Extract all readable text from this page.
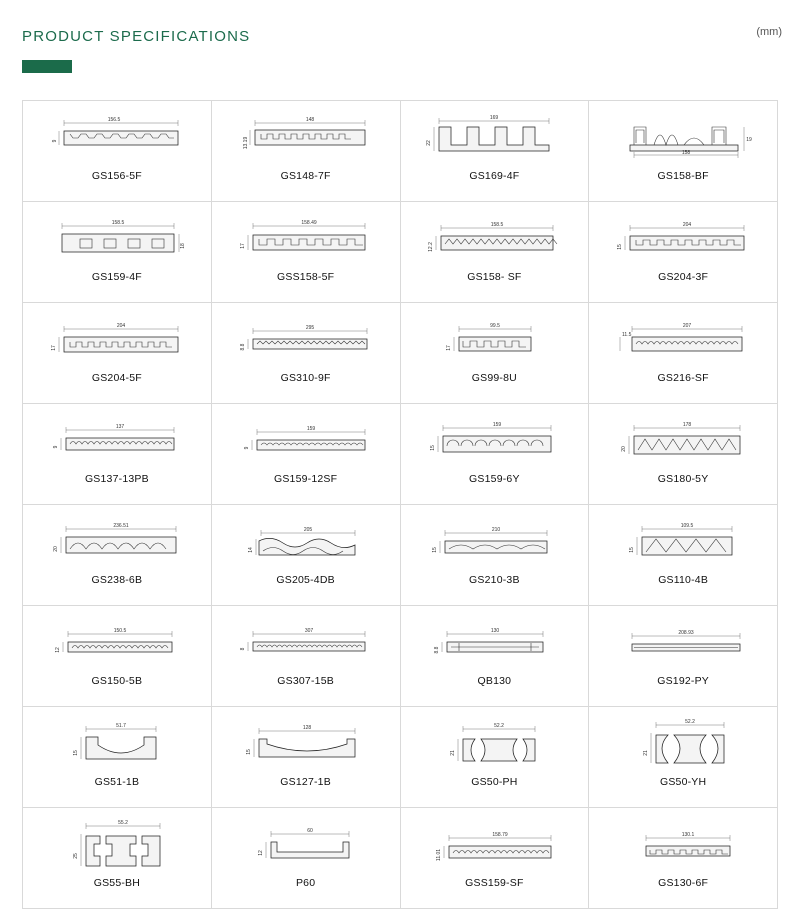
PRODUCT SPECIFICATIONS	(mm)
156.5
9
GS156-5F
148
13.19
GS148-7F
169
22
GS169-4F
158
19
GS158-BF
158.5
18
GS159-4F
158.49
17
GSS158-5F
158.5
12.2
GS158- SF
204
15
GS204-3F
204
17
GS204-5F
295
8.8
GS310-9F
99.5
17
GS99-8U
207
11.5
GS216-SF
137
9
GS137-13PB
159
9
GS159-12SF
159
15
GS159-6Y
178
20
GS180-5Y
236.51
20
GS238-6B
205
14
GS205-4DB
210
15
GS210-3B
109.5
15
GS110-4B
150.5
12
GS150-5B
307
8
GS307-15B
130
8.8
QB130
208.93
GS192-PY
51.7
15
GS51-1B
128
15
GS127-1B
52.2
21
GS50-PH
52.2
21
GS50-YH
55.2
25
GS55-BH
60
12
P60
158.79
11.01
GSS159-SF
130.1
GS130-6F
